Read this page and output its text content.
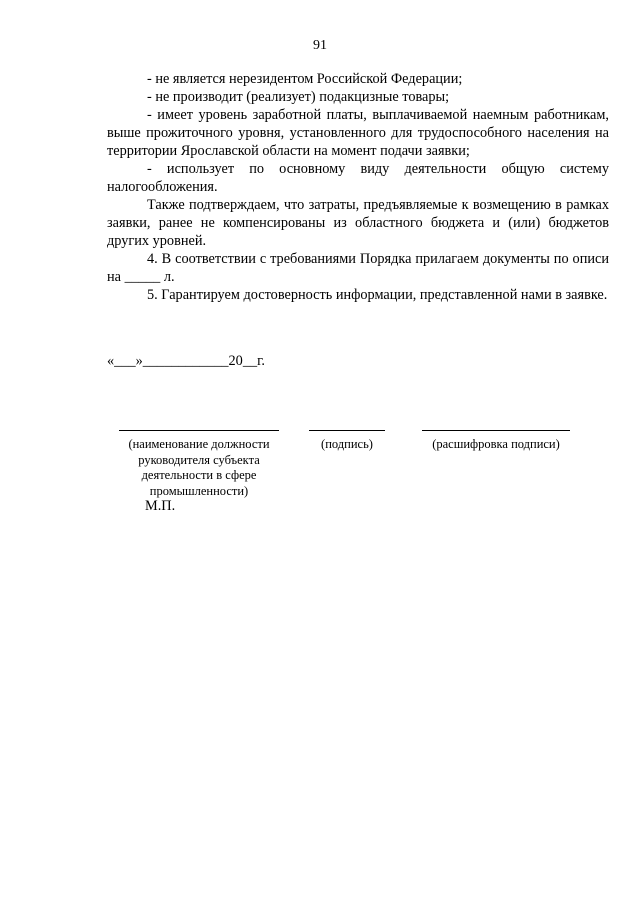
91

- не является нерезидентом Российской Федерации;

- не производит (реализует) подакцизные товары;

- имеет уровень заработной платы, выплачиваемой наемным работникам, выше прожиточного уровня, установленного для трудоспособного населения на территории Ярославской области на момент подачи заявки;

- использует по основному виду деятельности общую систему налогообложения.

Также подтверждаем, что затраты, предъявляемые к возмещению в рамках заявки, ранее не компенсированы из областного бюджета и (или) бюджетов других уровней.

4. В соответствии с требованиями Порядка прилагаем документы по описи на _____ л.

5. Гарантируем достоверность информации, представленной нами в заявке.

«___»____________20__г.
(наименование должности руководителя субъекта деятельности в сфере промышленности)
(подпись)	(расшифровка подписи)
М.П.
